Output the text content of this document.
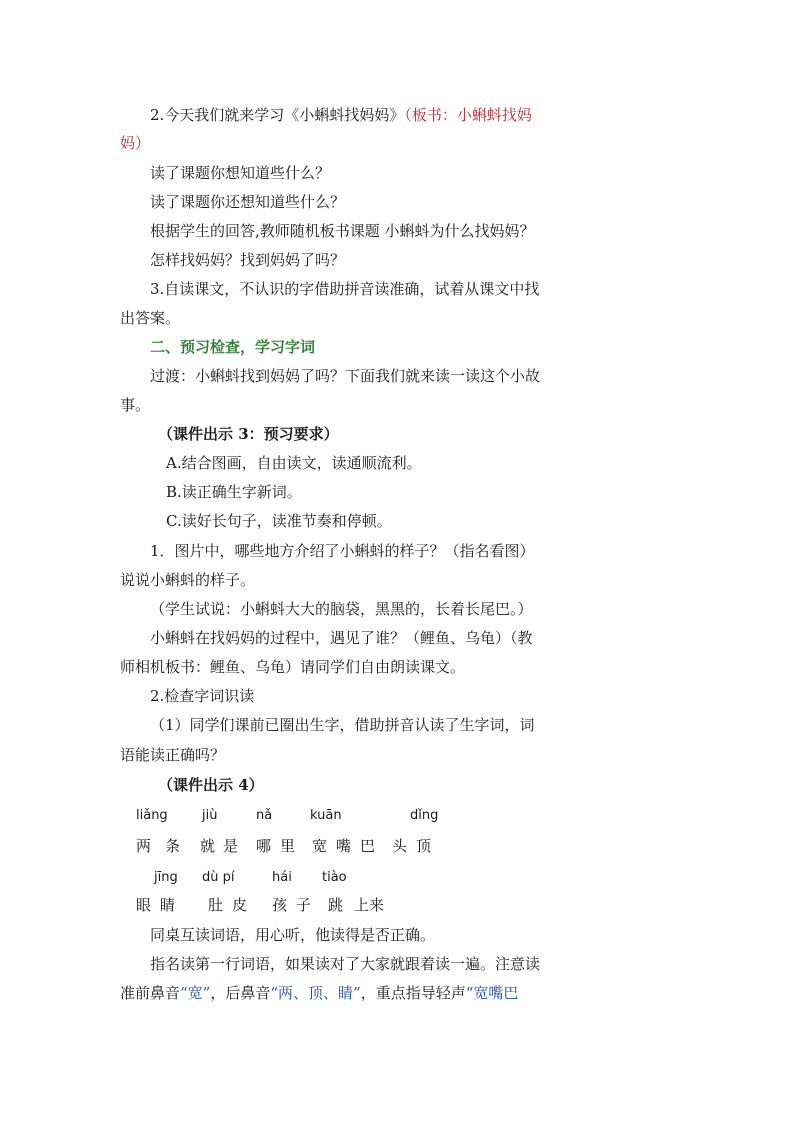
2.今天我们就来学习《小蝌蚪找妈妈》（板书：小蝌蚪找妈
妈）
读了课题你想知道些什么？
读了课题你还想知道些什么？
根据学生的回答,教师随机板书课题 小蝌蚪为什么找妈妈？
怎样找妈妈？找到妈妈了吗？
3.自读课文，不认识的字借助拼音读准确，试着从课文中找
出答案。
二、预习检查，学习字词
过渡：小蝌蚪找到妈妈了吗？下面我们就来读一读这个小故
事。
（课件出示 3：预习要求）
A.结合图画，自由读文，读通顺流利。
B.读正确生字新词。
C.读好长句子，读准节奏和停顿。
1．图片中，哪些地方介绍了小蝌蚪的样子？（指名看图）
说说小蝌蚪的样子。
（学生试说：小蝌蚪大大的脑袋，黑黑的，长着长尾巴。）
小蝌蚪在找妈妈的过程中，遇见了谁？（鲤鱼、乌龟）（教
师相机板书：鲤鱼、乌龟）请同学们自由朗读课文。
2.检查字词识读
（1）同学们课前已圈出生字，借助拼音认读了生字词，词
语能读正确吗？
（课件出示 4）
liǎng	jiù	nǎ	kuān	dǐng
两 条 就 是 哪 里 宽 嘴 巴 头 顶
jīng dù pí	hái tiào
眼 睛 肚 皮 孩 子 跳 上来
同桌互读词语，用心听，他读得是否正确。
指名读第一行词语，如果读对了大家就跟着读一遍。注意读
准前鼻音“宽”，后鼻音“两、顶、睛”，重点指导轻声“宽嘴巴
